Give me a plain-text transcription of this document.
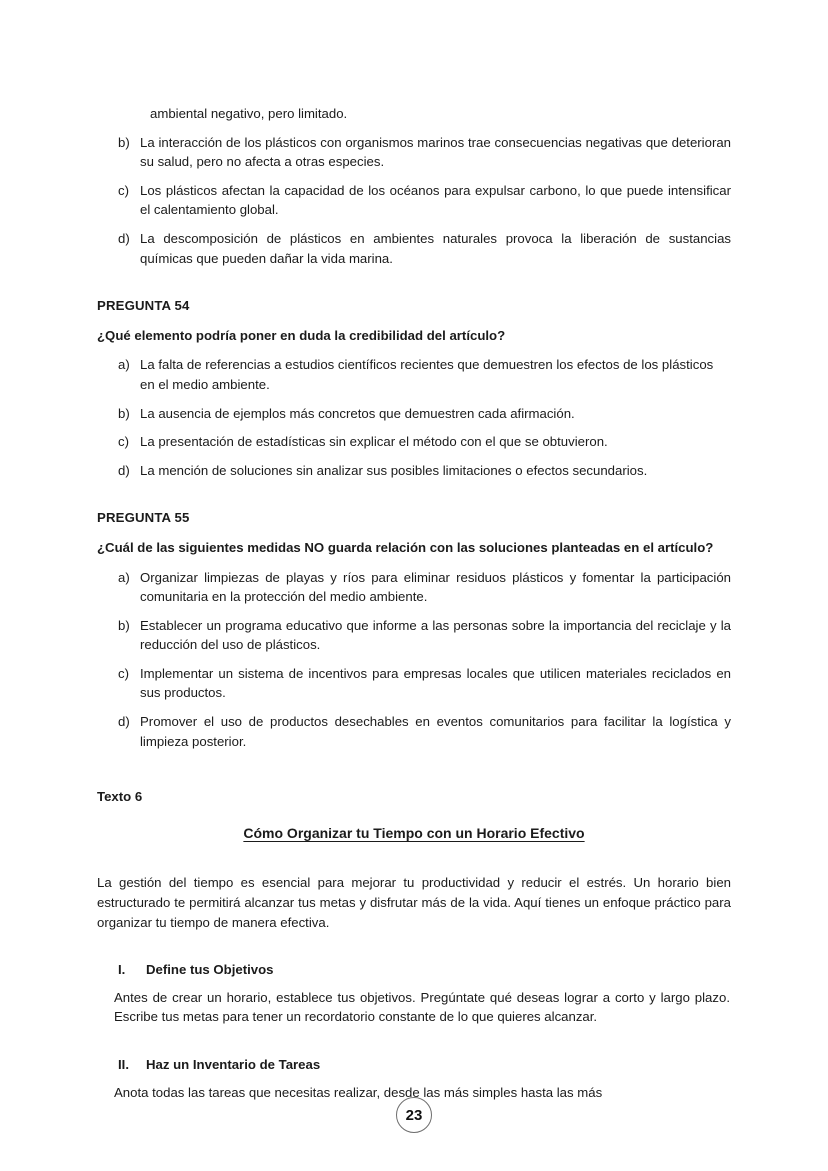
ambiental negativo, pero limitado.

b) La interacción de los plásticos con organismos marinos trae consecuencias negativas que deterioran su salud, pero no afecta a otras especies.
c) Los plásticos afectan la capacidad de los océanos para expulsar carbono, lo que puede intensificar el calentamiento global.
d) La descomposición de plásticos en ambientes naturales provoca la liberación de sustancias químicas que pueden dañar la vida marina.

PREGUNTA 54

¿Qué elemento podría poner en duda la credibilidad del artículo?

a) La falta de referencias a estudios científicos recientes que demuestren los efectos de los plásticos en el medio ambiente.
b) La ausencia de ejemplos más concretos que demuestren cada afirmación.
c) La presentación de estadísticas sin explicar el método con el que se obtuvieron.
d) La mención de soluciones sin analizar sus posibles limitaciones o efectos secundarios.

PREGUNTA 55

¿Cuál de las siguientes medidas NO guarda relación con las soluciones planteadas en el artículo?

a) Organizar limpiezas de playas y ríos para eliminar residuos plásticos y fomentar la participación comunitaria en la protección del medio ambiente.
b) Establecer un programa educativo que informe a las personas sobre la importancia del reciclaje y la reducción del uso de plásticos.
c) Implementar un sistema de incentivos para empresas locales que utilicen materiales reciclados en sus productos.
d) Promover el uso de productos desechables en eventos comunitarios para facilitar la logística y limpieza posterior.

Texto 6

Cómo Organizar tu Tiempo con un Horario Efectivo

La gestión del tiempo es esencial para mejorar tu productividad y reducir el estrés. Un horario bien estructurado te permitirá alcanzar tus metas y disfrutar más de la vida. Aquí tienes un enfoque práctico para organizar tu tiempo de manera efectiva.

I.	Define tus Objetivos

Antes de crear un horario, establece tus objetivos. Pregúntate qué deseas lograr a corto y largo plazo. Escribe tus metas para tener un recordatorio constante de lo que quieres alcanzar.

II.	Haz un Inventario de Tareas

Anota todas las tareas que necesitas realizar, desde las más simples hasta las más

23
